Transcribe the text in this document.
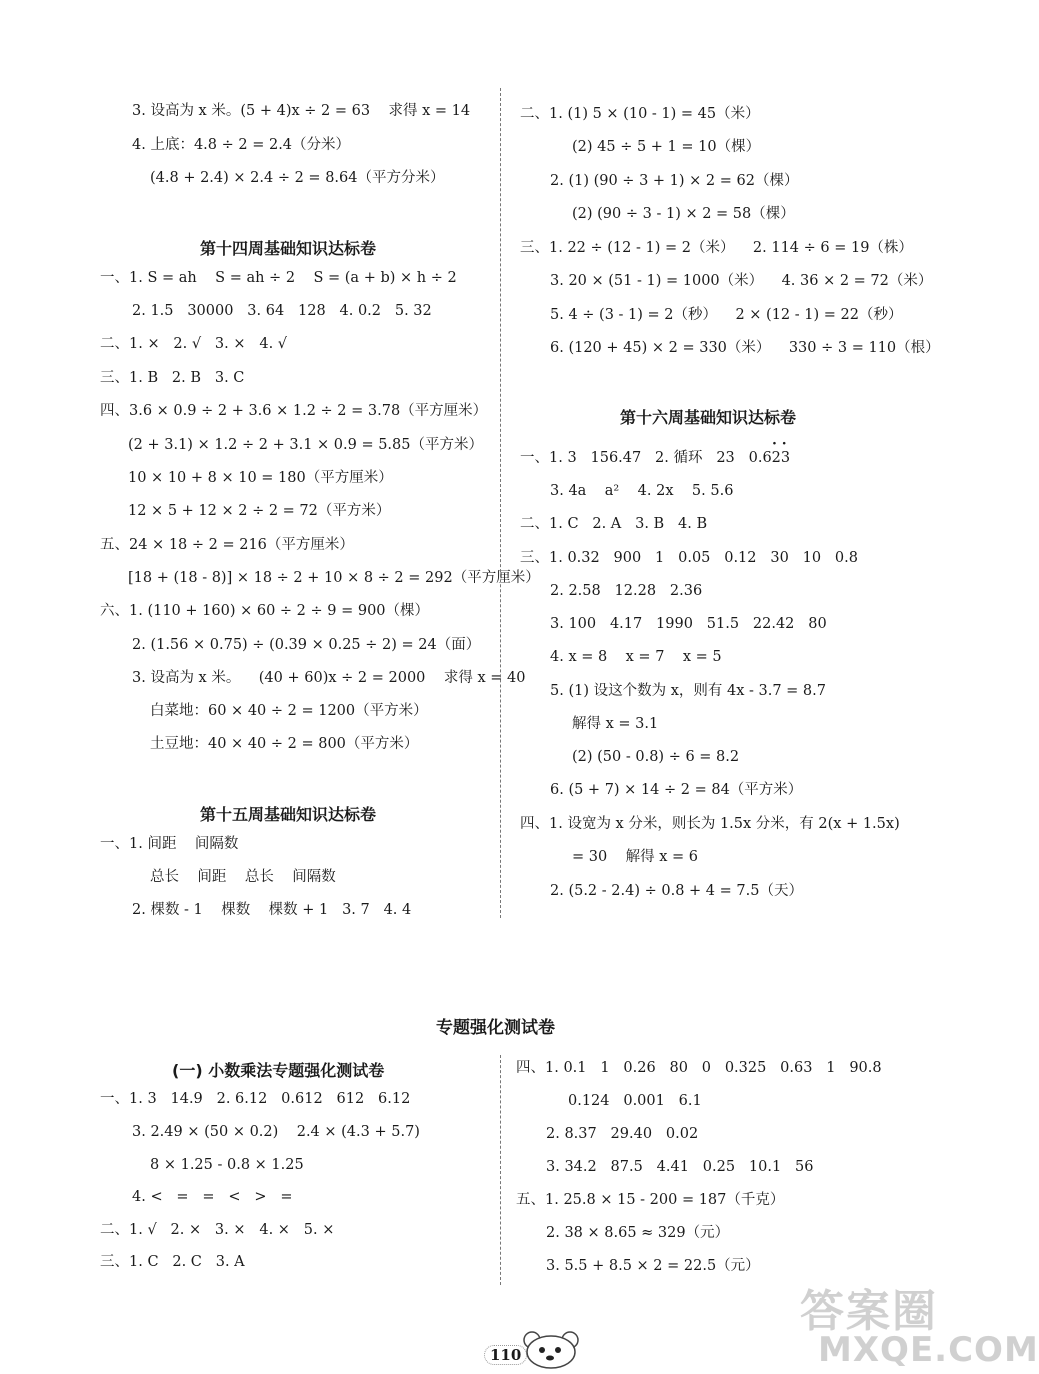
3. 设高为 x 米。(5 + 4)x ÷ 2 = 63    求得 x = 14
4. 上底：4.8 ÷ 2 = 2.4（分米）
(4.8 + 2.4) × 2.4 ÷ 2 = 8.64（平方分米）
第十四周基础知识达标卷
一、1. S = ah    S = ah ÷ 2    S = (a + b) × h ÷ 2
2. 1.5   30000   3. 64   128   4. 0.2   5. 32
二、1. ×   2. √   3. ×   4. √
三、1. B   2. B   3. C
四、3.6 × 0.9 ÷ 2 + 3.6 × 1.2 ÷ 2 = 3.78（平方厘米）
(2 + 3.1) × 1.2 ÷ 2 + 3.1 × 0.9 = 5.85（平方米）
10 × 10 + 8 × 10 = 180（平方厘米）
12 × 5 + 12 × 2 ÷ 2 = 72（平方米）
五、24 × 18 ÷ 2 = 216（平方厘米）
[18 + (18 - 8)] × 18 ÷ 2 + 10 × 8 ÷ 2 = 292（平方厘米）
六、1. (110 + 160) × 60 ÷ 2 ÷ 9 = 900（棵）
2. (1.56 × 0.75) ÷ (0.39 × 0.25 ÷ 2) = 24（面）
3. 设高为 x 米。    (40 + 60)x ÷ 2 = 2000    求得 x = 40
白菜地：60 × 40 ÷ 2 = 1200（平方米）
土豆地：40 × 40 ÷ 2 = 800（平方米）
第十五周基础知识达标卷
一、1. 间距    间隔数
总长    间距    总长    间隔数
2. 棵数 - 1    棵数    棵数 + 1   3. 7   4. 4
二、1. (1) 5 × (10 - 1) = 45（米）
(2) 45 ÷ 5 + 1 = 10（棵）
2. (1) (90 ÷ 3 + 1) × 2 = 62（棵）
(2) (90 ÷ 3 - 1) × 2 = 58（棵）
三、1. 22 ÷ (12 - 1) = 2（米）    2. 114 ÷ 6 = 19（株）
3. 20 × (51 - 1) = 1000（米）    4. 36 × 2 = 72（米）
5. 4 ÷ (3 - 1) = 2（秒）    2 × (12 - 1) = 22（秒）
6. (120 + 45) × 2 = 330（米）    330 ÷ 3 = 110（根）
第十六周基础知识达标卷
· ·
一、1. 3   156.47   2. 循环   23   0.623
3. 4a    a²    4. 2x    5. 5.6
二、1. C   2. A   3. B   4. B
三、1. 0.32   900   1   0.05   0.12   30   10   0.8
2. 2.58   12.28   2.36
3. 100   4.17   1990   51.5   22.42   80
4. x = 8    x = 7    x = 5
5. (1) 设这个数为 x，则有 4x - 3.7 = 8.7
解得 x = 3.1
(2) (50 - 0.8) ÷ 6 = 8.2
6. (5 + 7) × 14 ÷ 2 = 84（平方米）
四、1. 设宽为 x 分米，则长为 1.5x 分米，有 2(x + 1.5x)
= 30    解得 x = 6
2. (5.2 - 2.4) ÷ 0.8 + 4 = 7.5（天）
专题强化测试卷
(一) 小数乘法专题强化测试卷
一、1. 3   14.9   2. 6.12   0.612   612   6.12
3. 2.49 × (50 × 0.2)    2.4 × (4.3 + 5.7)
8 × 1.25 - 0.8 × 1.25
4. <   =   =   <   >   =
二、1. √   2. ×   3. ×   4. ×   5. ×
三、1. C   2. C   3. A
四、1. 0.1   1   0.26   80   0   0.325   0.63   1   90.8
0.124   0.001   6.1
2. 8.37   29.40   0.02
3. 34.2   87.5   4.41   0.25   10.1   56
五、1. 25.8 × 15 - 200 = 187（千克）
2. 38 × 8.65 ≈ 329（元）
3. 5.5 + 8.5 × 2 = 22.5（元）
110
答案圈
MXQE.COM
